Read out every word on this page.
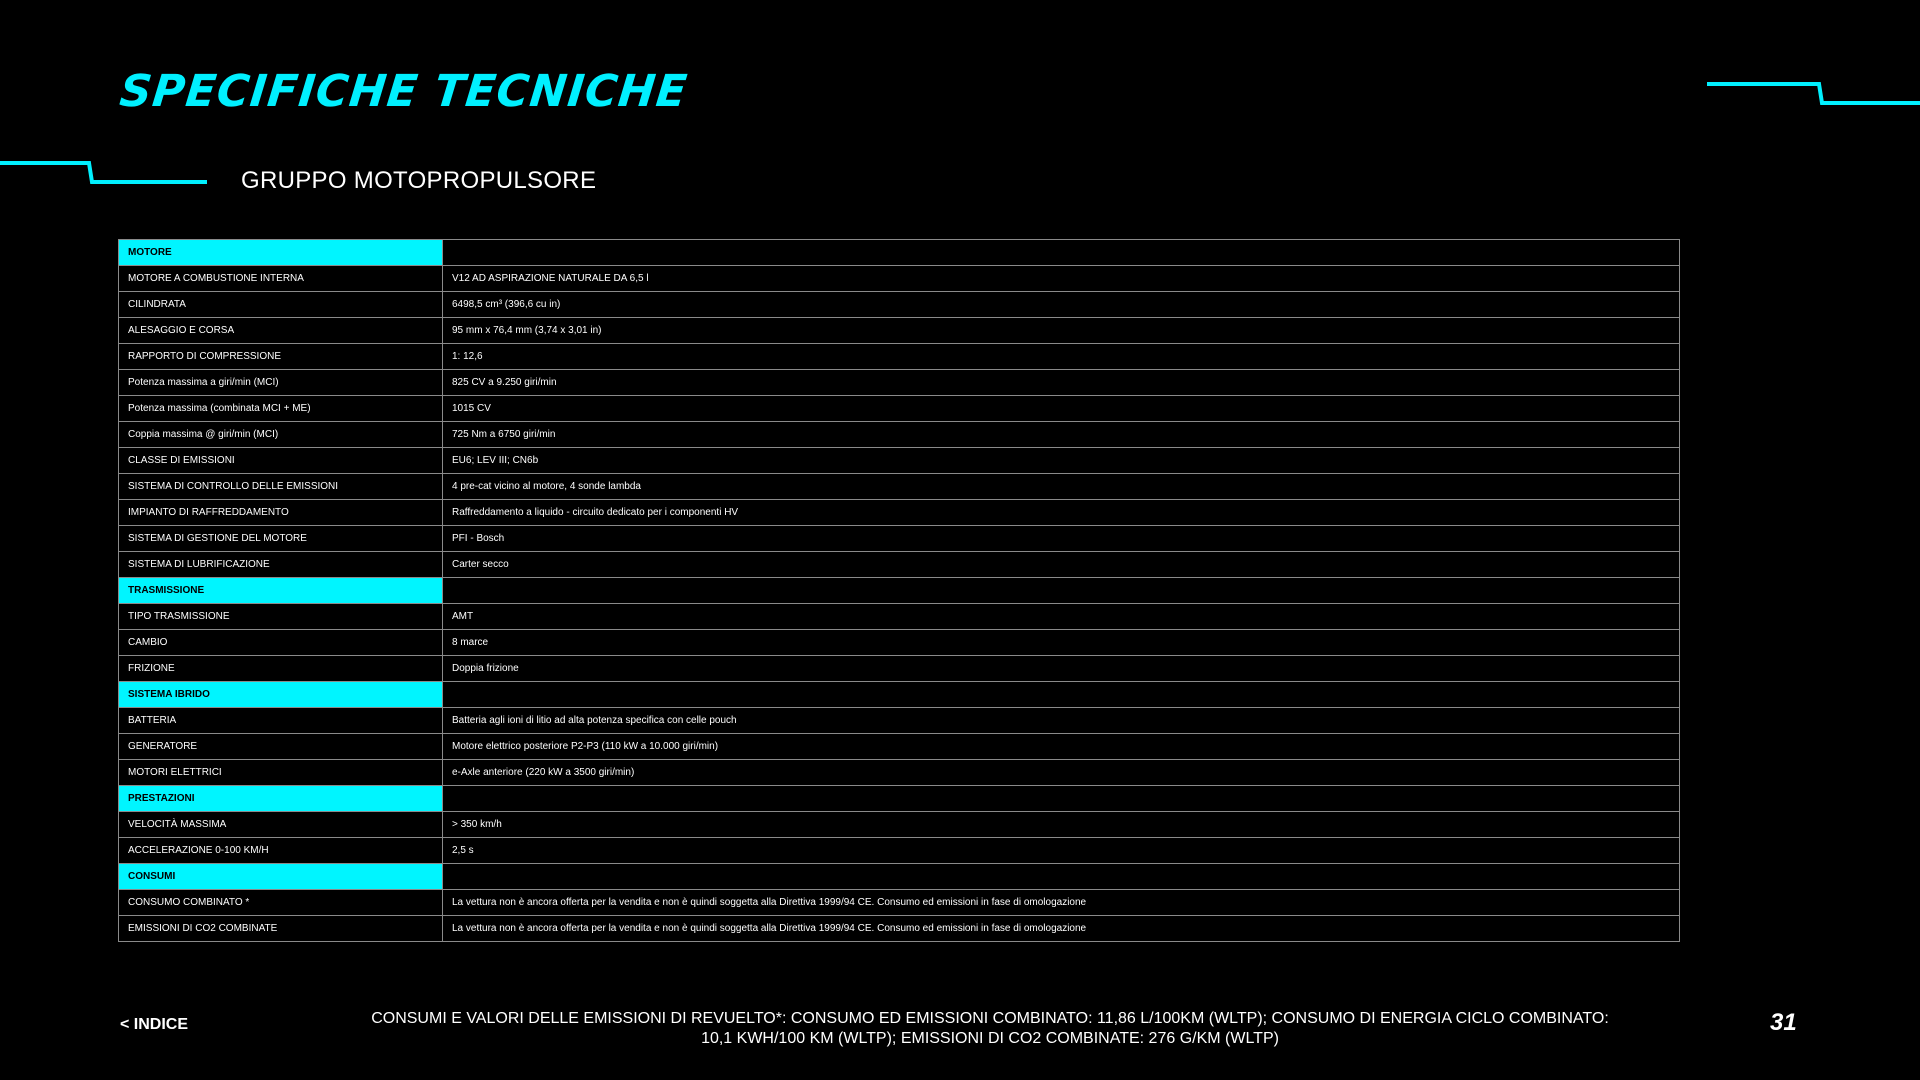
SPECIFICHE TECNICHE
GRUPPO MOTOPROPULSORE
MOTORE	
MOTORE A COMBUSTIONE INTERNA	V12 AD ASPIRAZIONE NATURALE DA 6,5 l
CILINDRATA	6498,5 cm³ (396,6 cu in)
ALESAGGIO E CORSA	95 mm x 76,4 mm (3,74 x 3,01 in)
RAPPORTO DI COMPRESSIONE	1: 12,6
Potenza massima a giri/min (MCI)	825 CV a 9.250 giri/min
Potenza massima (combinata MCI + ME)	1015 CV
Coppia massima @ giri/min (MCI)	725 Nm a 6750 giri/min
CLASSE DI EMISSIONI	EU6; LEV III; CN6b
SISTEMA DI CONTROLLO DELLE EMISSIONI	4 pre-cat vicino al motore, 4 sonde lambda
IMPIANTO DI RAFFREDDAMENTO	Raffreddamento a liquido - circuito dedicato per i componenti HV
SISTEMA DI GESTIONE DEL MOTORE	PFI - Bosch
SISTEMA DI LUBRIFICAZIONE	Carter secco
TRASMISSIONE	
TIPO TRASMISSIONE	AMT
CAMBIO	8 marce
FRIZIONE	Doppia frizione
SISTEMA IBRIDO	
BATTERIA	Batteria agli ioni di litio ad alta potenza specifica con celle pouch
GENERATORE	Motore elettrico posteriore P2-P3 (110 kW a 10.000 giri/min)
MOTORI ELETTRICI	e-Axle anteriore (220 kW a 3500 giri/min)
PRESTAZIONI	
VELOCITÀ MASSIMA	> 350 km/h
ACCELERAZIONE 0-100 KM/H	2,5 s
CONSUMI	
CONSUMO COMBINATO *	La vettura non è ancora offerta per la vendita e non è quindi soggetta alla Direttiva 1999/94 CE. Consumo ed emissioni in fase di omologazione
EMISSIONI DI CO2 COMBINATE	La vettura non è ancora offerta per la vendita e non è quindi soggetta alla Direttiva 1999/94 CE. Consumo ed emissioni in fase di omologazione
< INDICE	CONSUMI E VALORI DELLE EMISSIONI DI REVUELTO*: CONSUMO ED EMISSIONI COMBINATO: 11,86 L/100KM (WLTP); CONSUMO DI ENERGIA CICLO COMBINATO:
10,1 KWH/100 KM (WLTP); EMISSIONI DI CO2 COMBINATE: 276 G/KM (WLTP)
31
